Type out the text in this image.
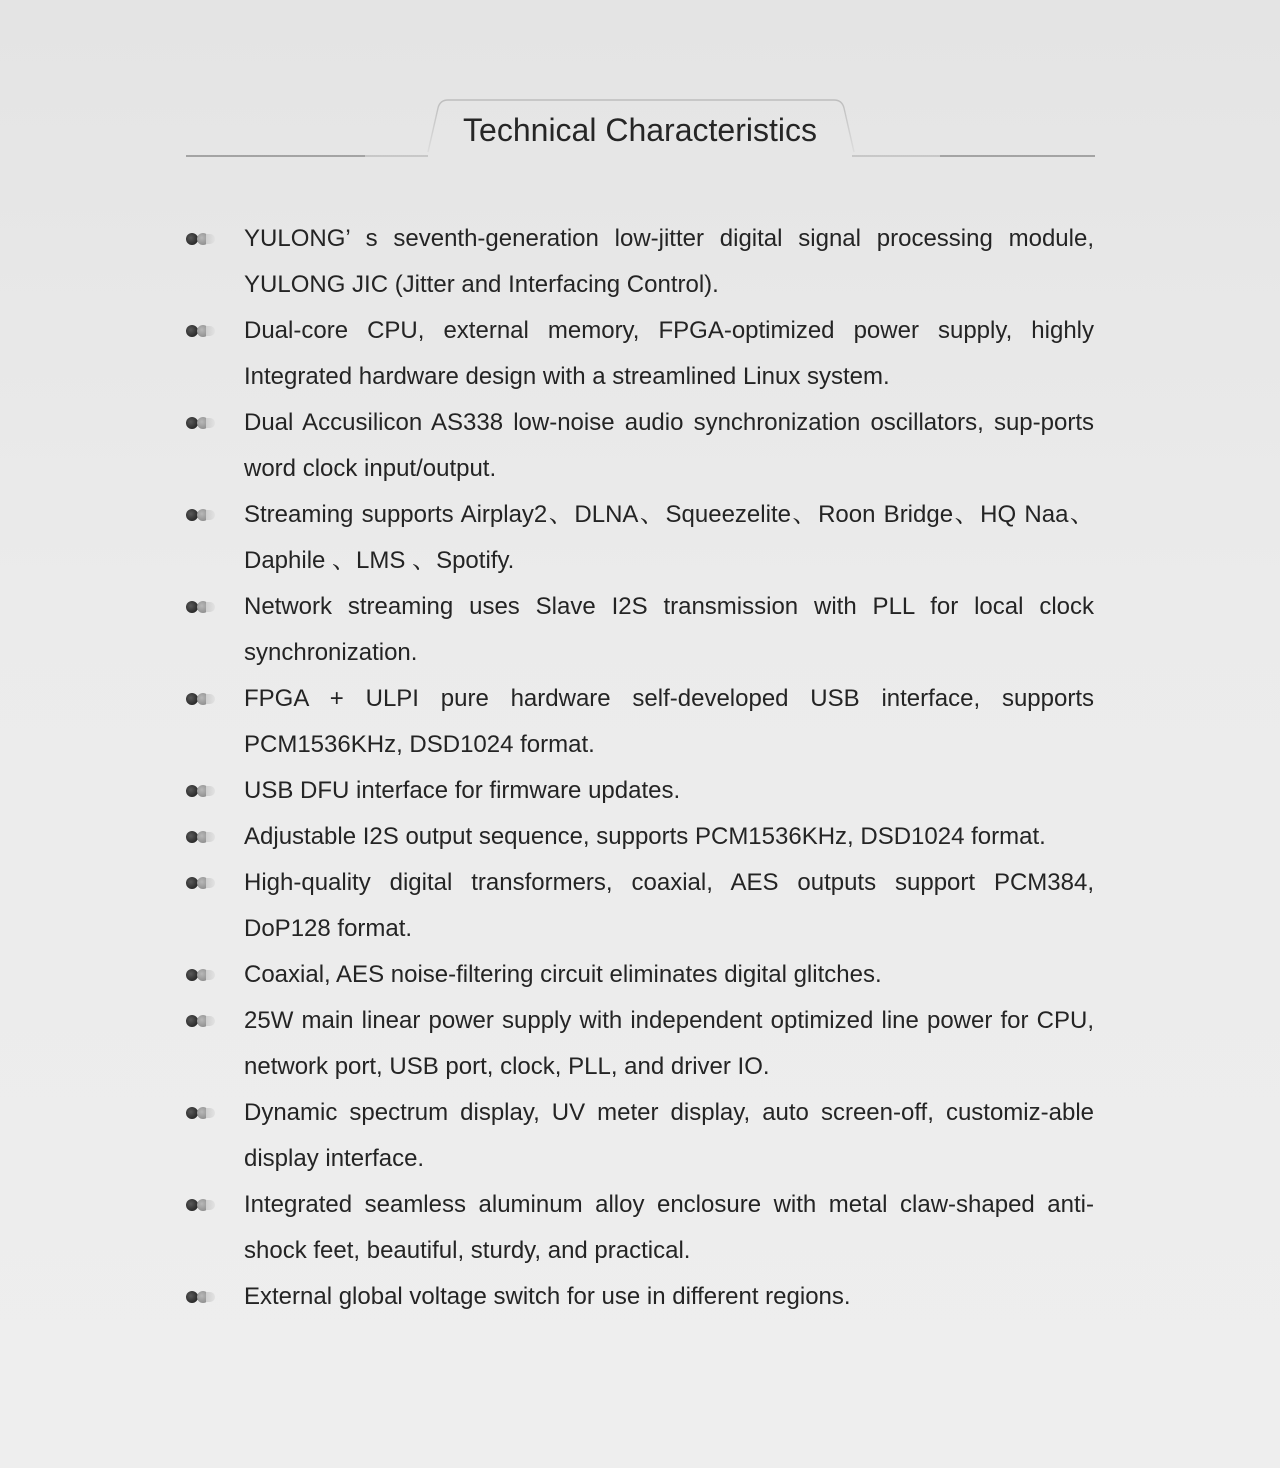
Technical Characteristics
YULONG’ s seventh-generation low-jitter digital signal processing module, YULONG JIC (Jitter and Interfacing Control).
Dual-core CPU, external memory, FPGA-optimized power supply, highly Integrated hardware design with a streamlined Linux system.
Dual Accusilicon AS338 low-noise audio synchronization oscillators, sup-ports word clock input/output.
Streaming supports Airplay2、DLNA、Squeezelite、Roon Bridge、HQ Naa、Daphile 、LMS 、Spotify.
Network streaming uses Slave I2S transmission with PLL for local clock synchronization.
FPGA + ULPI pure hardware self-developed USB interface, supports PCM1536KHz, DSD1024 format.
USB DFU interface for firmware updates.
Adjustable I2S output sequence, supports PCM1536KHz, DSD1024 format.
High-quality digital transformers, coaxial, AES outputs support PCM384, DoP128 format.
Coaxial, AES noise-filtering circuit eliminates digital glitches.
25W main linear power supply with independent optimized line power for CPU, network port, USB port, clock, PLL, and driver IO.
Dynamic spectrum display, UV meter display, auto screen-off, customiz-able display interface.
Integrated seamless aluminum alloy enclosure with metal claw-shaped anti-shock feet, beautiful, sturdy, and practical.
External global voltage switch for use in different regions.
